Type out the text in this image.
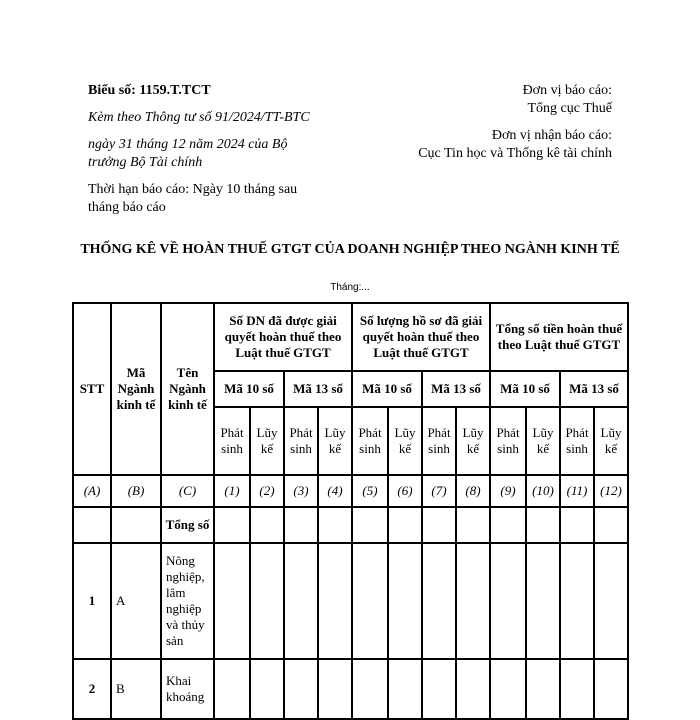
Biểu số: 1159.T.TCT
Kèm theo Thông tư số 91/2024/TT-BTC
ngày 31 tháng 12 năm 2024 của Bộ trưởng Bộ Tài chính
Thời hạn báo cáo: Ngày 10 tháng sau tháng báo cáo
Đơn vị báo cáo:
Tổng cục Thuế
Đơn vị nhận báo cáo:
Cục Tin học và Thống kê tài chính
THỐNG KÊ VỀ HOÀN THUẾ GTGT CỦA DOANH NGHIỆP THEO NGÀNH KINH TẾ
Tháng:...
STT	Mã Ngành kinh tế	Tên Ngành kinh tế	Số DN đã được giải quyết hoàn thuế theo Luật thuế GTGT				Số lượng hồ sơ đã giải quyết hoàn thuế theo Luật thuế GTGT				Tổng số tiền hoàn thuế theo Luật thuế GTGT			
			Mã 10 số		Mã 13 số		Mã 10 số		Mã 13 số		Mã 10 số		Mã 13 số	
			Phát sinh	Lũy kế	Phát sinh	Lũy kế	Phát sinh	Lũy kế	Phát sinh	Lũy kế	Phát sinh	Lũy kế	Phát sinh	Lũy kế
(A)	(B)	(C)	(1)	(2)	(3)	(4)	(5)	(6)	(7)	(8)	(9)	(10)	(11)	(12)
		Tổng số												
1	A	Nông nghiệp, lâm nghiệp và thủy sản												
2	B	Khai khoáng												
